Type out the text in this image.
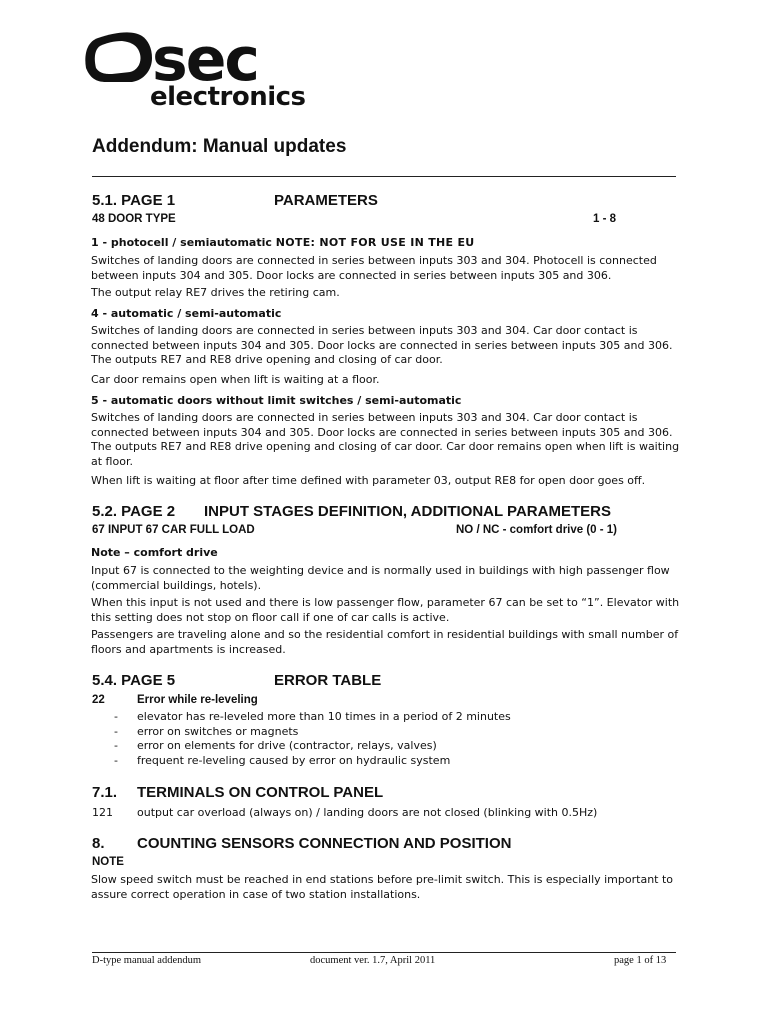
sec
electronics
Addendum: Manual updates
5.1. PAGE 1	PARAMETERS
48 DOOR TYPE	1 - 8
1 - photocell / semiautomatic NOTE: NOT FOR USE IN THE EU
Switches of landing doors are connected in series between inputs 303 and 304. Photocell is connected between inputs 304 and 305. Door locks are connected in series between inputs 305 and 306.
The output relay RE7 drives the retiring cam.
4 - automatic / semi-automatic
Switches of landing doors are connected in series between inputs 303 and 304. Car door contact is connected between inputs 304 and 305. Door locks are connected in series between inputs 305 and 306. The outputs RE7 and RE8 drive opening and closing of car door.
Car door remains open when lift is waiting at a floor.
5 - automatic doors without limit switches / semi-automatic
Switches of landing doors are connected in series between inputs 303 and 304. Car door contact is connected between inputs 304 and 305. Door locks are connected in series between inputs 305 and 306. The outputs RE7 and RE8 drive opening and closing of car door. Car door remains open when lift is waiting at floor.
When lift is waiting at floor after time defined with parameter 03, output RE8 for open door goes off.
5.2. PAGE 2 INPUT STAGES DEFINITION, ADDITIONAL PARAMETERS
67 INPUT 67 CAR FULL LOAD	NO / NC - comfort drive (0 - 1)
Note – comfort drive
Input 67 is connected to the weighting device and is normally used in buildings with high passenger flow (commercial buildings, hotels).
When this input is not used and there is low passenger flow, parameter 67 can be set to “1”. Elevator with this setting does not stop on floor call if one of car calls is active.
Passengers are traveling alone and so the residential comfort in residential buildings with small number of floors and apartments is increased.
5.4. PAGE 5	ERROR TABLE
22	Error while re-leveling
- elevator has re-leveled more than 10 times in a period of 2 minutes
- error on switches or magnets
- error on elements for drive (contractor, relays, valves)
- frequent re-leveling caused by error on hydraulic system
7.1. TERMINALS ON CONTROL PANEL
121 output car overload (always on) / landing doors are not closed (blinking with 0.5Hz)
8. COUNTING SENSORS CONNECTION AND POSITION
NOTE
Slow speed switch must be reached in end stations before pre-limit switch. This is especially important to assure correct operation in case of two station installations.
D-type manual addendum	document ver. 1.7, April 2011	page 1 of 13
